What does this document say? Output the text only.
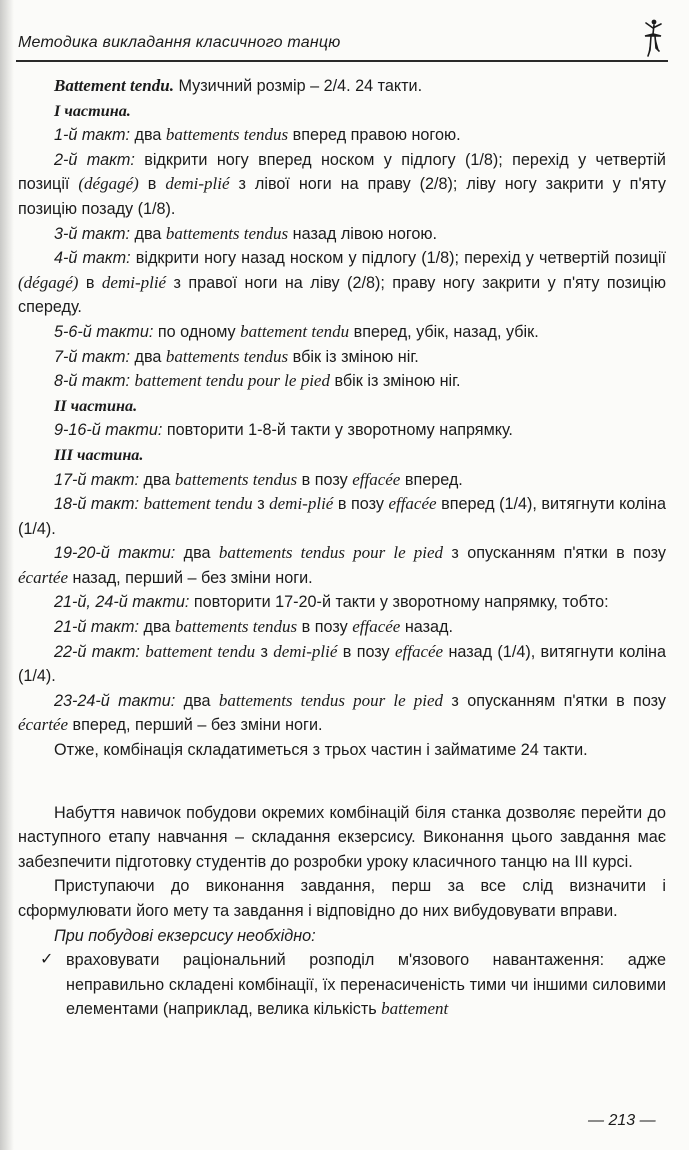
Методика викладання класичного танцю

Battement tendu. Музичний розмір – 2/4. 24 такти.

I частина.

1-й такт: два battements tendus вперед правою ногою.

2-й такт: відкрити ногу вперед носком у підлогу (1/8); перехід у четвертій позиції (dégagé) в demi-plié з лівої ноги на праву (2/8); ліву ногу закрити у п'яту позицію позаду (1/8).

3-й такт: два battements tendus назад лівою ногою.

4-й такт: відкрити ногу назад носком у підлогу (1/8); перехід у четвертій позиції (dégagé) в demi-plié з правої ноги на ліву (2/8); праву ногу закрити у п'яту позицію спереду.

5-6-й такти: по одному battement tendu вперед, убік, назад, убік.

7-й такт: два battements tendus вбік із зміною ніг.

8-й такт: battement tendu pour le pied вбік із зміною ніг.

II частина.

9-16-й такти: повторити 1-8-й такти у зворотному напрямку.

III частина.

17-й такт: два battements tendus в позу effacée вперед.

18-й такт: battement tendu з demi-plié в позу effacée вперед (1/4), витягнути коліна (1/4).

19-20-й такти: два battements tendus pour le pied з опусканням п'ятки в позу écartée назад, перший – без зміни ноги.

21-й, 24-й такти: повторити 17-20-й такти у зворотному напрямку, тобто:

21-й такт: два battements tendus в позу effacée назад.

22-й такт: battement tendu з demi-plié в позу effacée назад (1/4), витягнути коліна (1/4).

23-24-й такти: два battements tendus pour le pied з опусканням п'ятки в позу écartée вперед, перший – без зміни ноги.

Отже, комбінація складатиметься з трьох частин і займатиме 24 такти.

Набуття навичок побудови окремих комбінацій біля станка дозволяє перейти до наступного етапу навчання – складання екзерсису. Виконання цього завдання має забезпечити підготовку студентів до розробки уроку класичного танцю на III курсі.

Приступаючи до виконання завдання, перш за все слід визначити і сформулювати його мету та завдання і відповідно до них вибудовувати вправи.

При побудові екзерсису необхідно:

✓ враховувати раціональний розподіл м'язового навантаження: адже неправильно складені комбінації, їх перенасиченість тими чи іншими силовими елементами (наприклад, велика кількість battement
— 213 —
